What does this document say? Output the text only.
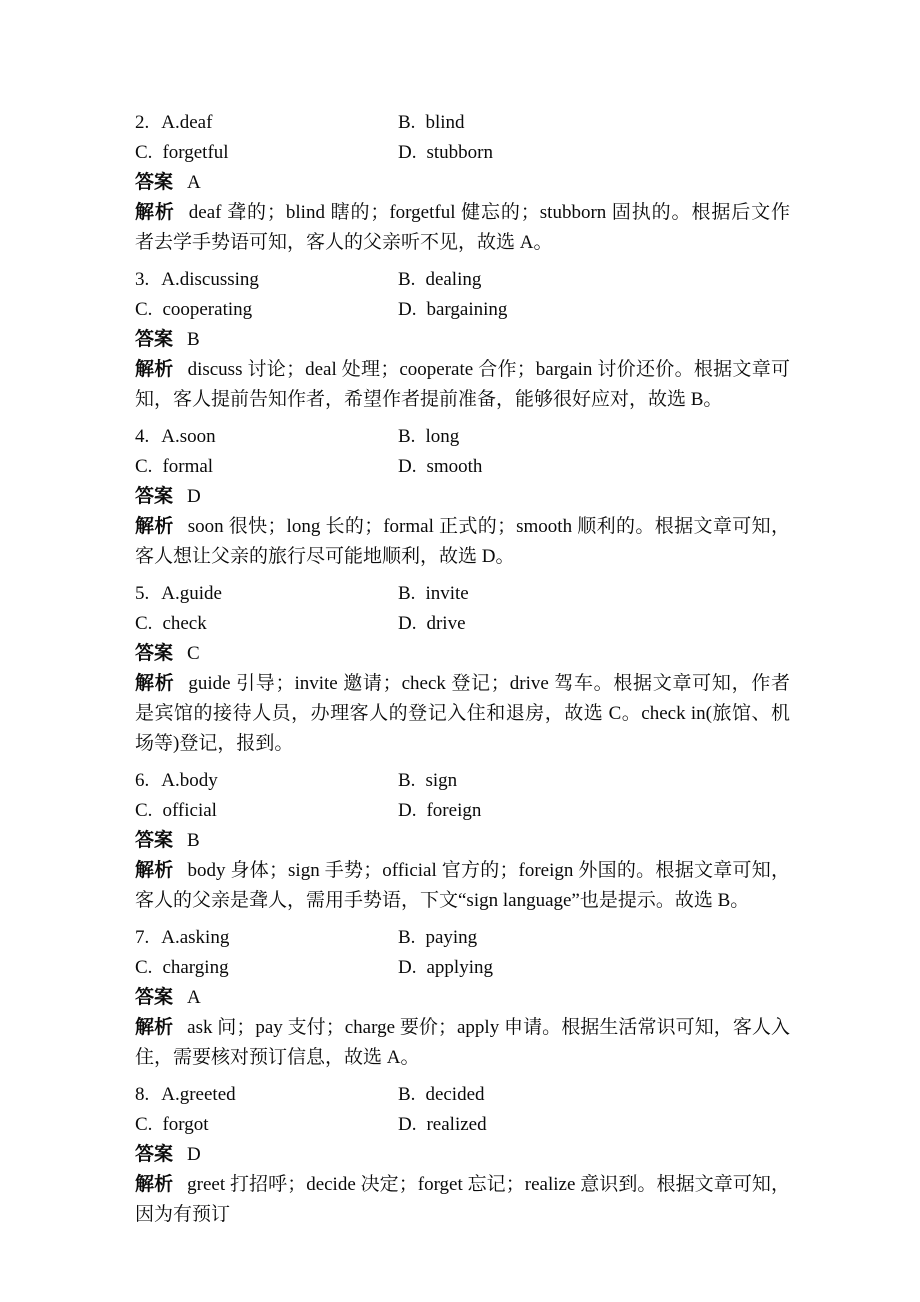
2. A.deaf	B. blind
C. forgetful	D. stubborn
答案 A

解析 deaf 聋的；blind 瞎的；forgetful 健忘的；stubborn 固执的。根据后文作者去学手势语可知，客人的父亲听不见，故选 A。

3. A.discussing	B. dealing
C. cooperating	D. bargaining
答案 B

解析 discuss 讨论；deal 处理；cooperate 合作；bargain 讨价还价。根据文章可知，客人提前告知作者，希望作者提前准备，能够很好应对，故选 B。

4. A.soon	B. long
C. formal	D. smooth
答案 D

解析 soon 很快；long 长的；formal 正式的；smooth 顺利的。根据文章可知，客人想让父亲的旅行尽可能地顺利，故选 D。

5. A.guide	B. invite
C. check	D. drive
答案 C

解析 guide 引导；invite 邀请；check 登记；drive 驾车。根据文章可知，作者是宾馆的接待人员，办理客人的登记入住和退房，故选 C。check in(旅馆、机场等)登记，报到。

6. A.body	B. sign
C. official	D. foreign
答案 B

解析 body 身体；sign 手势；official 官方的；foreign 外国的。根据文章可知，客人的父亲是聋人，需用手势语，下文“sign language”也是提示。故选 B。

7. A.asking	B. paying
C. charging	D. applying
答案 A

解析 ask 问；pay 支付；charge 要价；apply 申请。根据生活常识可知，客人入住，需要核对预订信息，故选 A。

8. A.greeted	B. decided
C. forgot	D. realized
答案 D

解析 greet 打招呼；decide 决定；forget 忘记；realize 意识到。根据文章可知，因为有预订
